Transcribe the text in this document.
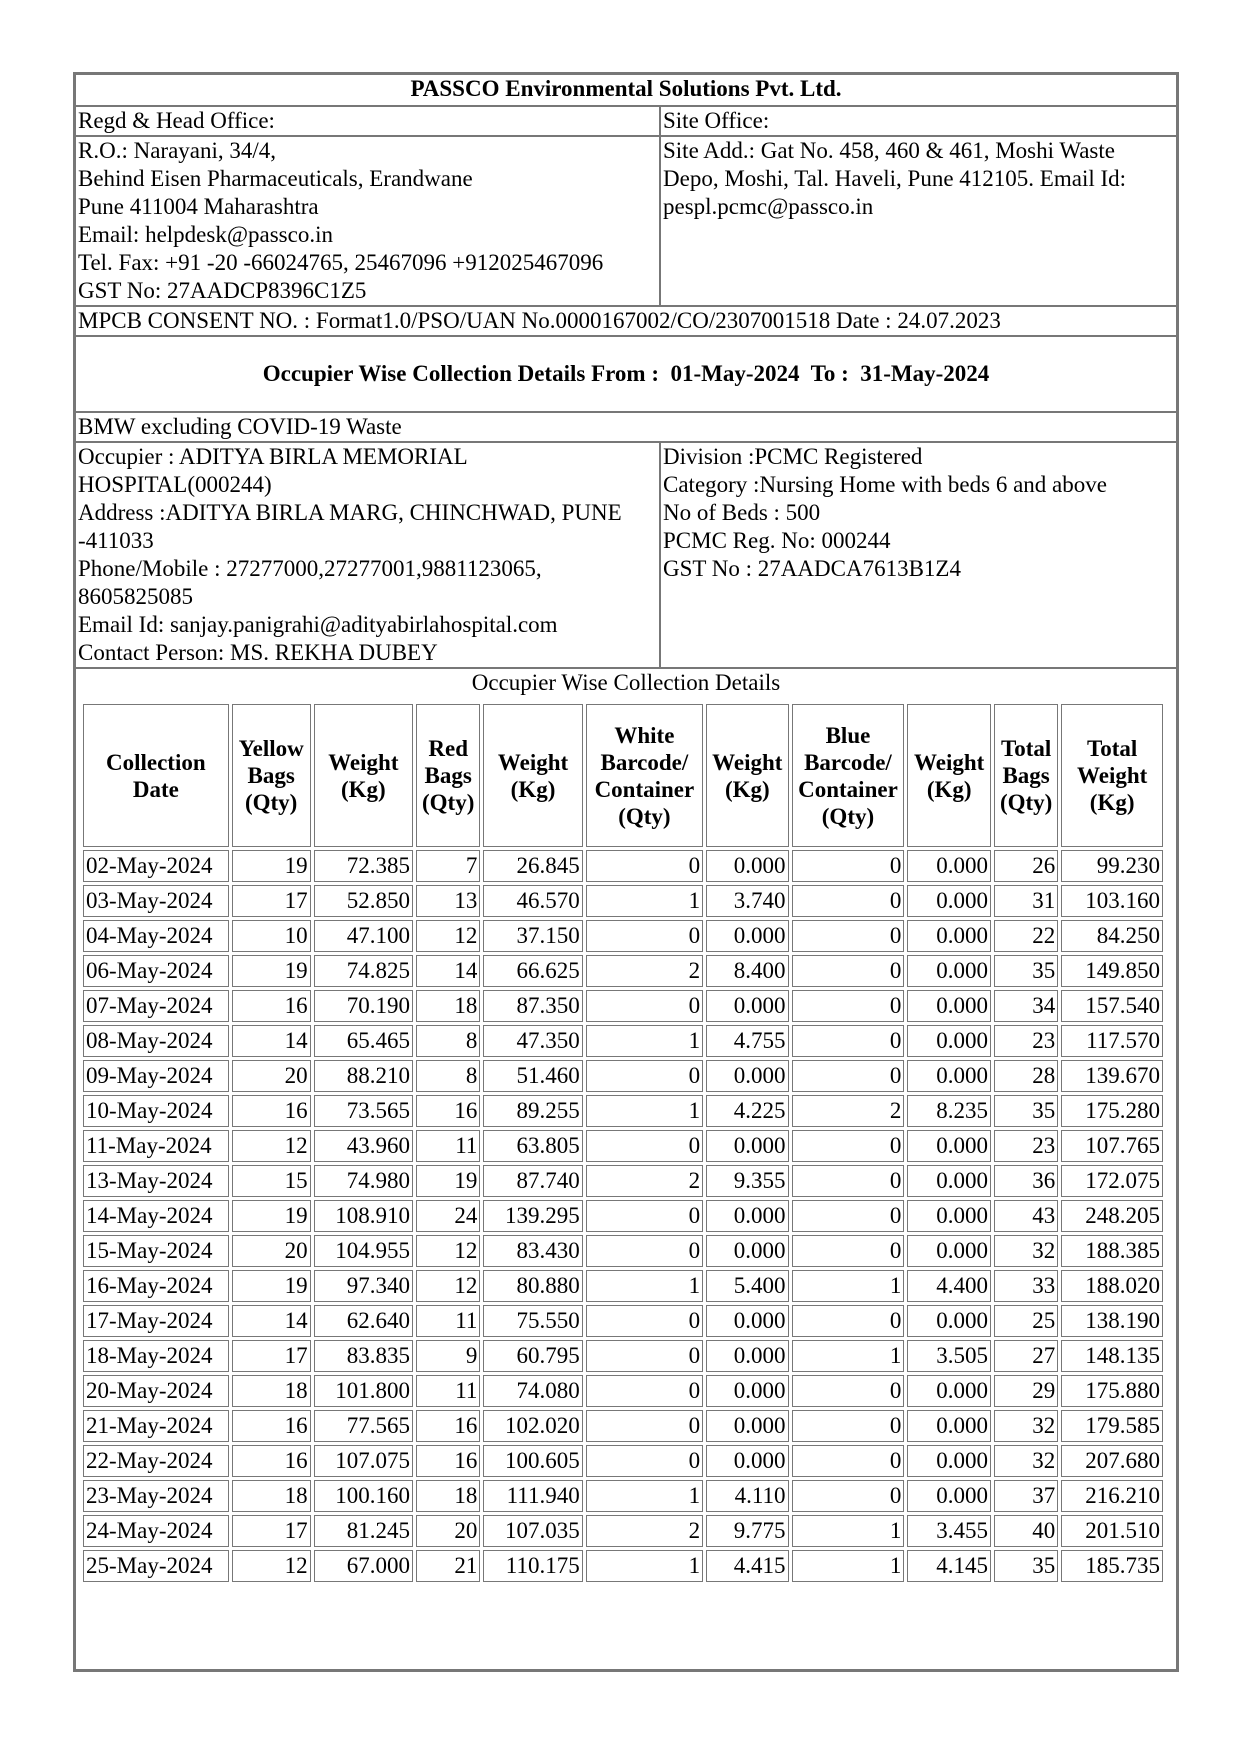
PASSCO Environmental Solutions Pvt. Ltd.
Regd & Head Office:	Site Office:

R.O.: Narayani, 34/4,
Behind Eisen Pharmaceuticals, Erandwane
Pune 411004 Maharashtra
Email: helpdesk@passco.in
Tel. Fax: +91 -20 -66024765, 25467096 +912025467096
GST No: 27AADCP8396C1Z5
	Site Add.: Gat No. 458, 460 & 461, Moshi Waste Depo, Moshi, Tal. Haveli, Pune 412105. Email Id: pespl.pcmc@passco.in
MPCB CONSENT NO. : Format1.0/PSO/UAN No.0000167002/CO/2307001518 Date : 24.07.2023
Occupier Wise Collection Details From :  01-May-2024  To :  31-May-2024
BMW excluding COVID-19 Waste

Occupier : ADITYA BIRLA MEMORIAL HOSPITAL(000244)
Address :ADITYA BIRLA MARG, CHINCHWAD, PUNE -411033
Phone/Mobile : 27277000,27277001,9881123065, 8605825085
Email Id: sanjay.panigrahi@adityabirlahospital.com
Contact Person: MS. REKHA DUBEY

Division :PCMC Registered
Category :Nursing Home with beds 6 and above
No of Beds : 500
PCMC Reg. No: 000244
GST No : 27AADCA7613B1Z4

Occupier Wise Collection Details
Collection
Date

Yellow
Bags
(Qty)

Weight
(Kg)

Red
Bags
(Qty)

Weight
(Kg)

White
Barcode/
Container
(Qty)

Weight
(Kg)

Blue
Barcode/
Container
(Qty)

Weight
(Kg)

Total
Bags
(Qty)

Total
Weight
(Kg)

02-May-2024	19	72.385	7	26.845	0	0.000	0	0.000	26	99.230
03-May-2024	17	52.850	13	46.570	1	3.740	0	0.000	31	103.160
04-May-2024	10	47.100	12	37.150	0	0.000	0	0.000	22	84.250
06-May-2024	19	74.825	14	66.625	2	8.400	0	0.000	35	149.850
07-May-2024	16	70.190	18	87.350	0	0.000	0	0.000	34	157.540
08-May-2024	14	65.465	8	47.350	1	4.755	0	0.000	23	117.570
09-May-2024	20	88.210	8	51.460	0	0.000	0	0.000	28	139.670
10-May-2024	16	73.565	16	89.255	1	4.225	2	8.235	35	175.280
11-May-2024	12	43.960	11	63.805	0	0.000	0	0.000	23	107.765
13-May-2024	15	74.980	19	87.740	2	9.355	0	0.000	36	172.075
14-May-2024	19	108.910	24	139.295	0	0.000	0	0.000	43	248.205
15-May-2024	20	104.955	12	83.430	0	0.000	0	0.000	32	188.385
16-May-2024	19	97.340	12	80.880	1	5.400	1	4.400	33	188.020
17-May-2024	14	62.640	11	75.550	0	0.000	0	0.000	25	138.190
18-May-2024	17	83.835	9	60.795	0	0.000	1	3.505	27	148.135
20-May-2024	18	101.800	11	74.080	0	0.000	0	0.000	29	175.880
21-May-2024	16	77.565	16	102.020	0	0.000	0	0.000	32	179.585
22-May-2024	16	107.075	16	100.605	0	0.000	0	0.000	32	207.680
23-May-2024	18	100.160	18	111.940	1	4.110	0	0.000	37	216.210
24-May-2024	17	81.245	20	107.035	2	9.775	1	3.455	40	201.510
25-May-2024	12	67.000	21	110.175	1	4.415	1	4.145	35	185.735
